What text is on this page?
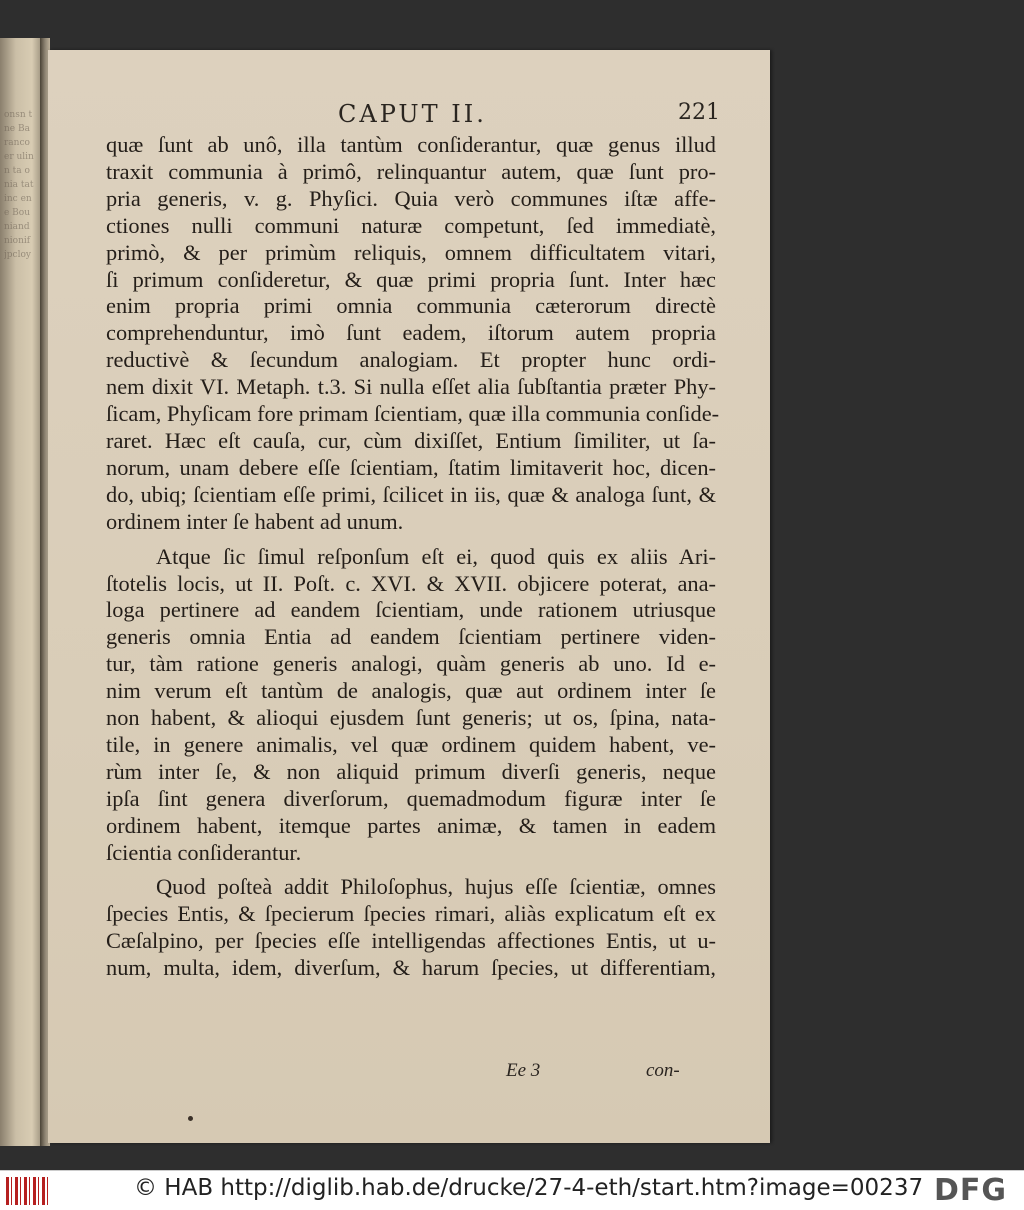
onsn t ne Baranco er ulin n ta onia tatinc ene Bouniand nionif jpcloy
CAPUT II.	221
quæ ſunt ab unô, illa tantùm conſiderantur, quæ genus illud
traxit communia à primô, relinquantur autem, quæ ſunt pro-
pria generis, v. g. Phyſici. Quia verò communes iſtæ affe-
ctiones nulli communi naturæ competunt, ſed immediatè,
primò, & per primùm reliquis, omnem difficultatem vitari,
ſi primum conſideretur, & quæ primi propria ſunt. Inter hæc
enim propria primi omnia communia cæterorum directè
comprehenduntur, imò ſunt eadem, iſtorum autem propria
reductivè & ſecundum analogiam. Et propter hunc ordi-
nem dixit VI. Metaph. t.3. Si nulla eſſet alia ſubſtantia præter Phy-
ſicam, Phyſicam fore primam ſcientiam, quæ illa communia conſide-
raret. Hæc eſt cauſa, cur, cùm dixiſſet, Entium ſimiliter, ut ſa-
norum, unam debere eſſe ſcientiam, ſtatim limitaverit hoc, dicen-
do, ubiq; ſcientiam eſſe primi, ſcilicet in iis, quæ & analoga ſunt, &
ordinem inter ſe habent ad unum.
Atque ſic ſimul reſponſum eſt ei, quod quis ex aliis Ari-
ſtotelis locis, ut II. Poſt. c. XVI. & XVII. objicere poterat, ana-
loga pertinere ad eandem ſcientiam, unde rationem utriusque
generis omnia Entia ad eandem ſcientiam pertinere viden-
tur, tàm ratione generis analogi, quàm generis ab uno. Id e-
nim verum eſt tantùm de analogis, quæ aut ordinem inter ſe
non habent, & alioqui ejusdem ſunt generis; ut os, ſpina, nata-
tile, in genere animalis, vel quæ ordinem quidem habent, ve-
rùm inter ſe, & non aliquid primum diverſi generis, neque
ipſa ſint genera diverſorum, quemadmodum figuræ inter ſe
ordinem habent, itemque partes animæ, & tamen in eadem
ſcientia conſiderantur.
Quod poſteà addit Philoſophus, hujus eſſe ſcientiæ, omnes
ſpecies Entis, & ſpecierum ſpecies rimari, aliàs explicatum eſt ex
Cæſalpino, per ſpecies eſſe intelligendas affectiones Entis, ut u-
num, multa, idem, diverſum, & harum ſpecies, ut differentiam,
Ee 3	con-
© HAB http://diglib.hab.de/drucke/27-4-eth/start.htm?image=00237 DFG
